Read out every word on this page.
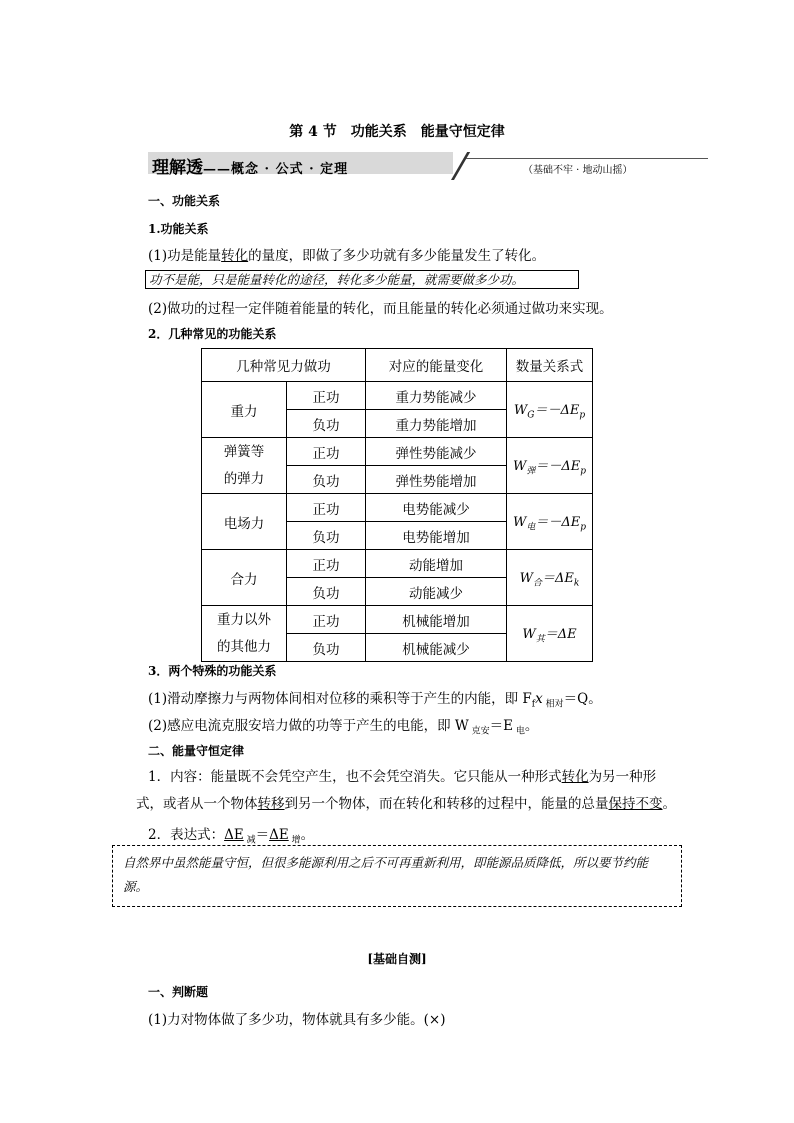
第 4 节　功能关系　能量守恒定律
理解透——概念 · 公式 · 定理	（基础不牢 · 地动山摇）
一、功能关系
1.功能关系
(1)功是能量转化的量度，即做了多少功就有多少能量发生了转化。
功不是能，只是能量转化的途径，转化多少能量，就需要做多少功。
(2)做功的过程一定伴随着能量的转化，而且能量的转化必须通过做功来实现。
2．几种常见的功能关系
几种常见力做功		对应的能量变化	数量关系式
重力	正功	重力势能减少	$W_G=-\Delta E_p$
	负功	重力势能增加	
弹簧等
的弹力	正功	弹性势能减少	$W_弹=-\Delta E_p$
	负功	弹性势能增加	
电场力	正功	电势能减少	$W_电=-\Delta E_p$
	负功	电势能增加	
合力	正功	动能增加	$W_合=\Delta E_k$
	负功	动能减少	
重力以外
的其他力	正功	机械能增加	$W_其=\Delta E$
	负功	机械能减少	
3．两个特殊的功能关系
(1)滑动摩擦力与两物体间相对位移的乘积等于产生的内能，即 $F_fx$ $_{相对}$＝Q。
(2)感应电流克服安培力做的功等于产生的电能，即 W $_{克安}$＝E $_电$。
二、能量守恒定律
1．内容：能量既不会凭空产生，也不会凭空消失。它只能从一种形式转化为另一种形
式，或者从一个物体转移到另一个物体，而在转化和转移的过程中，能量的总量保持不变。
2．表达式：ΔE $_减$＝ΔE $_增$。
自然界中虽然能量守恒，但很多能源利用之后不可再重新利用，即能源品质降低，所以要节约能源。
[基础自测]
一、判断题
(1)力对物体做了多少功，物体就具有多少能。(×)
